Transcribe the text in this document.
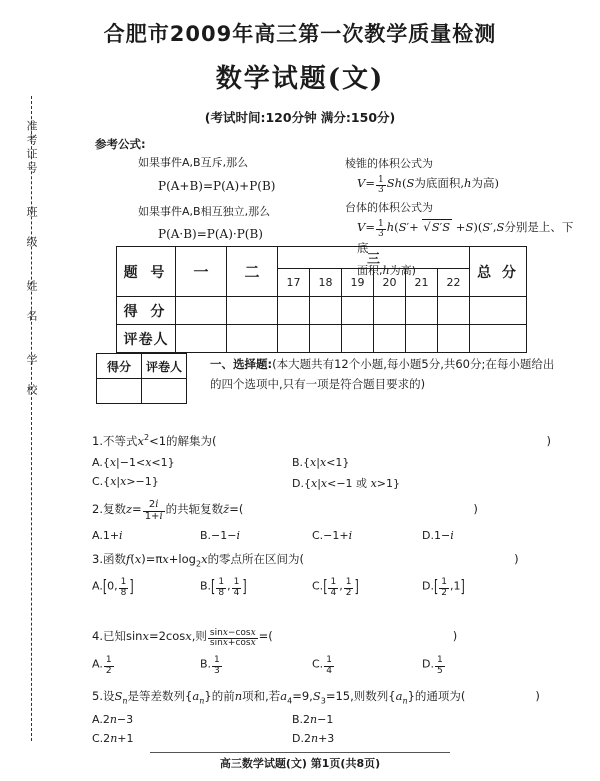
准考证号
班 级
姓 名
学 校
合肥市2009年高三第一次教学质量检测
数学试题(文)
(考试时间:120分钟 满分:150分)
参考公式:
如果事件A,B互斥,那么
P(A+B)=P(A)+P(B)
如果事件A,B相互独立,那么
P(A·B)=P(A)·P(B)
棱锥的体积公式为
$V= \frac{1}{3} Sh(S$为底面积,h为高)
台体的体积公式为
$V= \frac{1}{3} h(S'+ √S'S +S)(S',S$分别是上、下底
面积,h为高)
题 号	一	二	三						总 分
			17	18	19	20	21	22	
得 分									
评卷人									
得分	评卷人
	一、选择题:(本大题共有12个小题,每小题5分,共60分;在每小题给出的四个选项中,只有一项是符合题目要求的)
1.不等式$x^2<1$的解集为(	)
A.{x|−1<x<1}	B.{x|x<1}
C.{x|x>−1}	D.{x|x<−1 或 x>1}
2.复数$z= \frac{2i}{1+i}$ 的共轭复数z̄=(	)
A.1+i	B.−1−i	C.−1+i	D.1−i
3.函数$f(x)=\pi x+\log_2x$的零点所在区间为(	)
A.[0, $\frac{1}{8}$ ]	$B.[ \frac{1}{8}$ , $\frac{1}{4}$ ]	$C.[ \frac{1}{4}$ , $\frac{1}{2}$ ]	$D.[ \frac{1}{2} ,1]$
4.已知sinx=2cosx,则 $\frac{\sin x-\cos x}{\sin x+\cos x}$ =(	)
A. $\frac{1}{2}$	B. $\frac{1}{3}$	C. $\frac{1}{4}$	D. $\frac{1}{5}$
5.设$S_n$是等差数列$\{a_n\}$的前n项和,若$a_4=9,S_3=15$,则数列$\{a_n\}$的通项为(	)
A.2n−3	B.2n−1
C.2n+1	D.2n+3
高三数学试题(文) 第1页(共8页)
